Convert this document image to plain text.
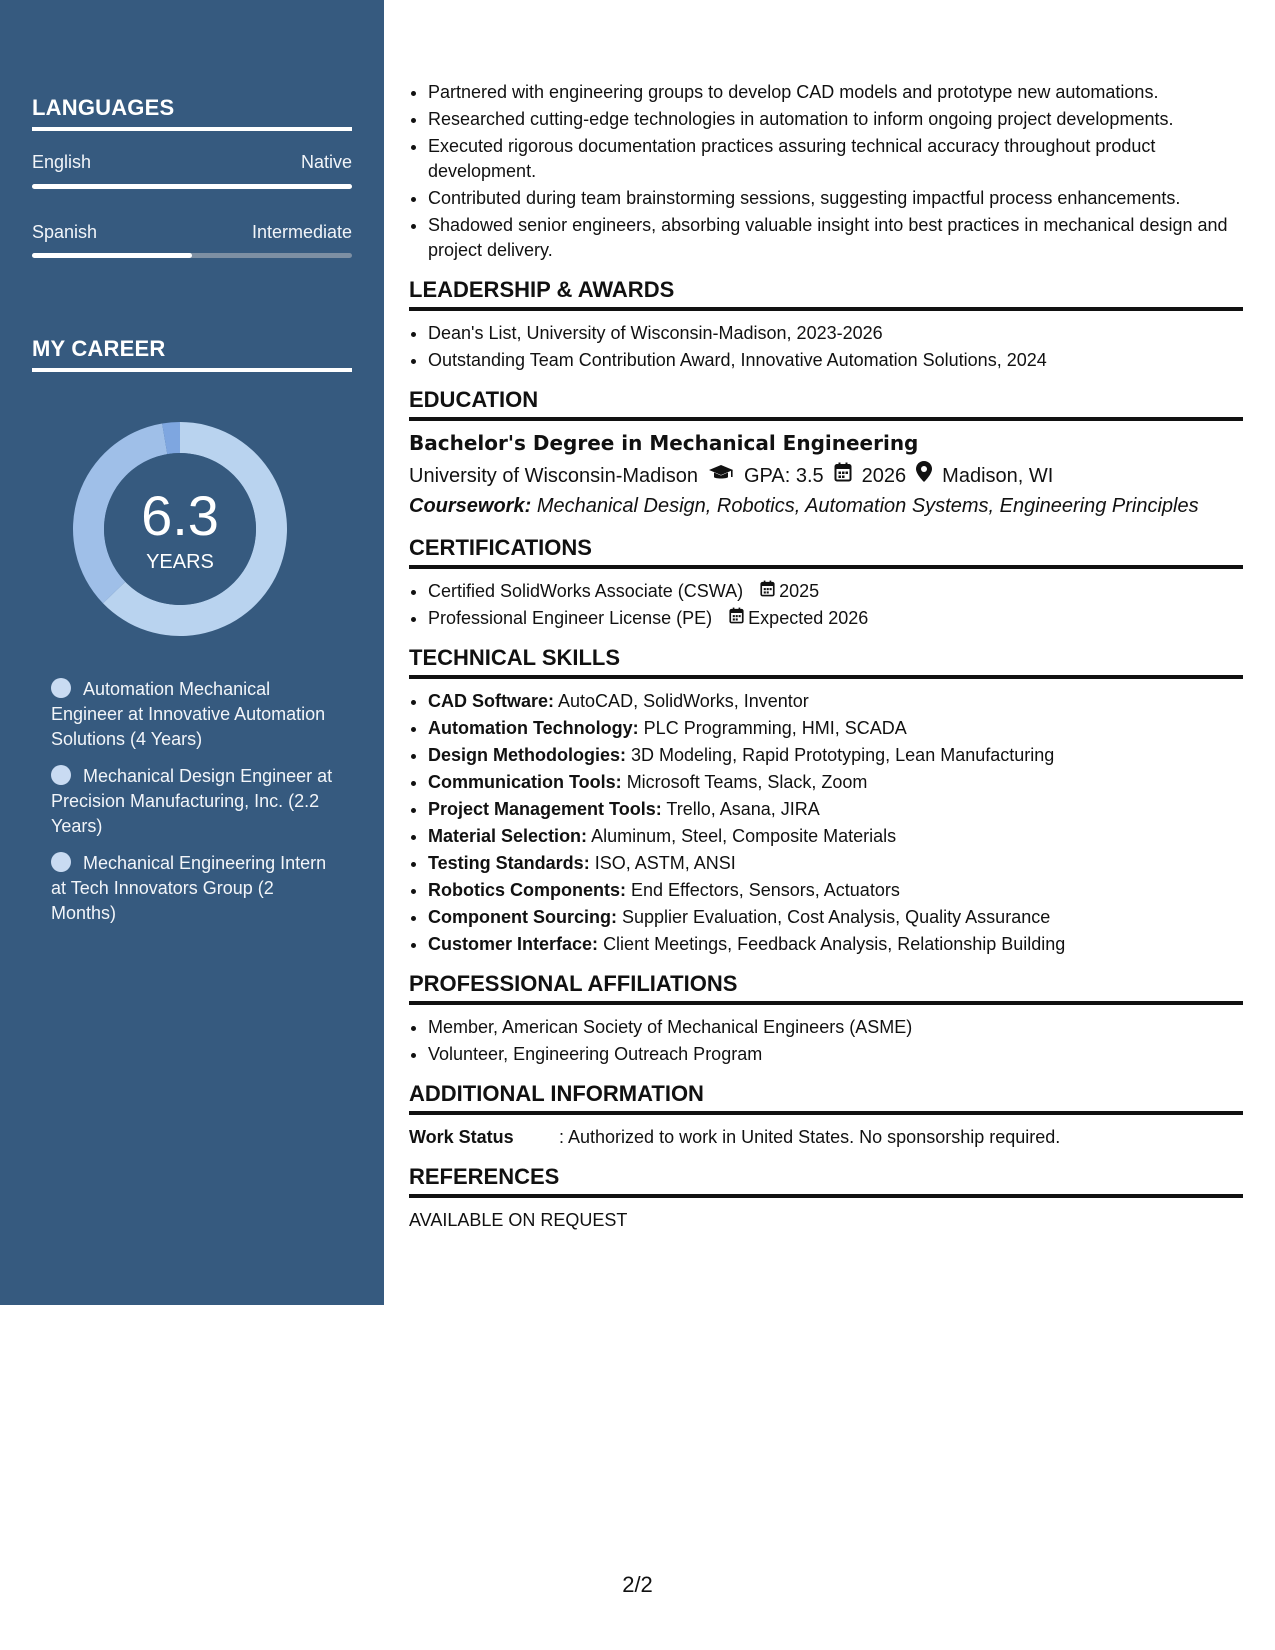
LANGUAGES
English	Native
Spanish	Intermediate
MY CAREER
6.3
YEARS
Automation Mechanical Engineer at Innovative Automation Solutions (4 Years)
Mechanical Design Engineer at Precision Manufacturing, Inc. (2.2 Years)
Mechanical Engineering Intern at Tech Innovators Group (2 Months)
• Partnered with engineering groups to develop CAD models and prototype new automations.
• Researched cutting-edge technologies in automation to inform ongoing project developments.
• Executed rigorous documentation practices assuring technical accuracy throughout product development.
• Contributed during team brainstorming sessions, suggesting impactful process enhancements.
• Shadowed senior engineers, absorbing valuable insight into best practices in mechanical design and project delivery.
LEADERSHIP & AWARDS
• Dean's List, University of Wisconsin-Madison, 2023-2026
• Outstanding Team Contribution Award, Innovative Automation Solutions, 2024
EDUCATION
Bachelor's Degree in Mechanical Engineering
University of Wisconsin-Madison GPA: 3.5 2026 Madison, WI
Coursework: Mechanical Design, Robotics, Automation Systems, Engineering Principles
CERTIFICATIONS
• Certified SolidWorks Associate (CSWA) 2025
• Professional Engineer License (PE) Expected 2026
TECHNICAL SKILLS
• CAD Software: AutoCAD, SolidWorks, Inventor
• Automation Technology: PLC Programming, HMI, SCADA
• Design Methodologies: 3D Modeling, Rapid Prototyping, Lean Manufacturing
• Communication Tools: Microsoft Teams, Slack, Zoom
• Project Management Tools: Trello, Asana, JIRA
• Material Selection: Aluminum, Steel, Composite Materials
• Testing Standards: ISO, ASTM, ANSI
• Robotics Components: End Effectors, Sensors, Actuators
• Component Sourcing: Supplier Evaluation, Cost Analysis, Quality Assurance
• Customer Interface: Client Meetings, Feedback Analysis, Relationship Building
PROFESSIONAL AFFILIATIONS
• Member, American Society of Mechanical Engineers (ASME)
• Volunteer, Engineering Outreach Program
ADDITIONAL INFORMATION
Work Status	: Authorized to work in United States. No sponsorship required.
REFERENCES
AVAILABLE ON REQUEST
2/2
